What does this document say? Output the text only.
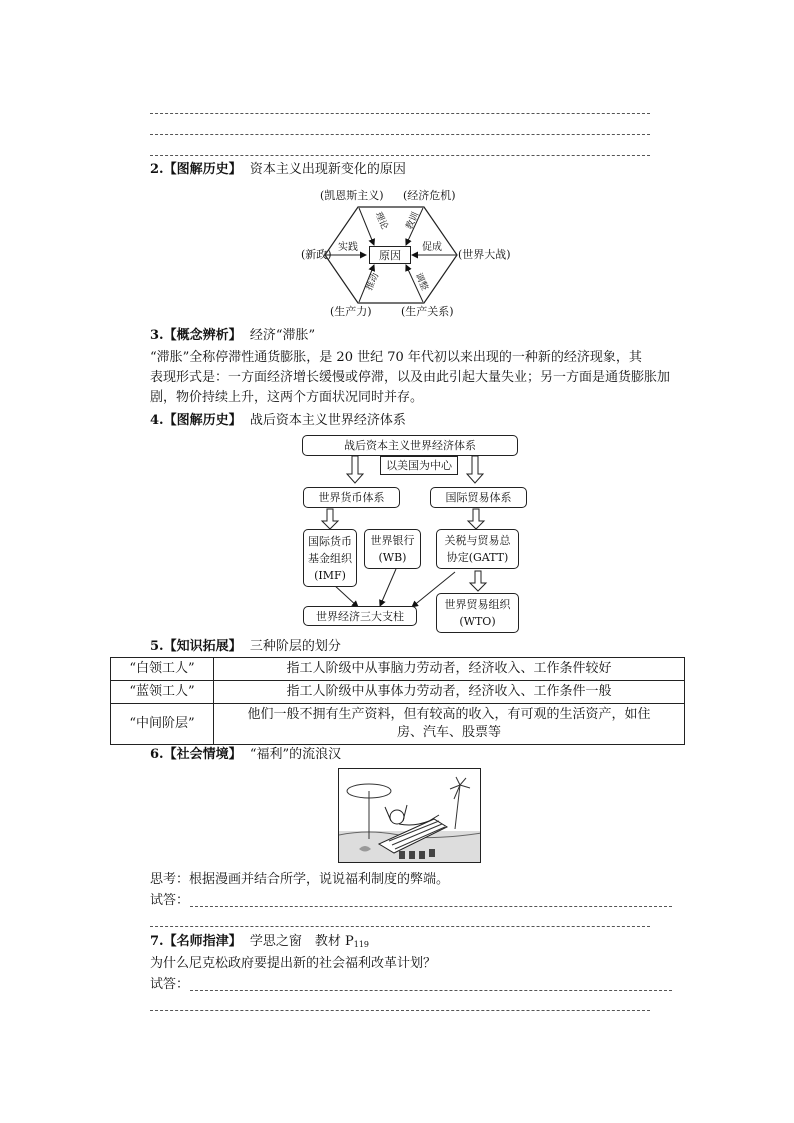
2.【图解历史】 资本主义出现新变化的原因
(凯恩斯主义) (经济危机)
(新政)	原因	(世界大战)
(生产力)	(生产关系)
实践	促成
理论	教训
推动	调整
3.【概念辨析】 经济“滞胀”
“滞胀”全称停滞性通货膨胀，是 20 世纪 70 年代初以来出现的一种新的经济现象，其
表现形式是：一方面经济增长缓慢或停滞，以及由此引起大量失业；另一方面是通货膨胀加
剧，物价持续上升，这两个方面状况同时并存。
4.【图解历史】 战后资本主义世界经济体系
战后资本主义世界经济体系
以美国为中心
世界货币体系	国际贸易体系
国际货币
基金组织
(IMF)
世界银行
(WB)
关税与贸易总
协定(GATT)
世界经济三大支柱
世界贸易组织
(WTO)
5.【知识拓展】 三种阶层的划分
“白领工人”	指工人阶级中从事脑力劳动者，经济收入、工作条件较好
“蓝领工人”	指工人阶级中从事体力劳动者，经济收入、工作条件一般
“中间阶层”	他们一般不拥有生产资料，但有较高的收入，有可观的生活资产，如住房、汽车、股票等
6.【社会情境】 “福利”的流浪汉
思考：根据漫画并结合所学，说说福利制度的弊端。
试答：
7.【名师指津】 学思之窗　教材 $P_{119}$
为什么尼克松政府要提出新的社会福利改革计划？
试答：
